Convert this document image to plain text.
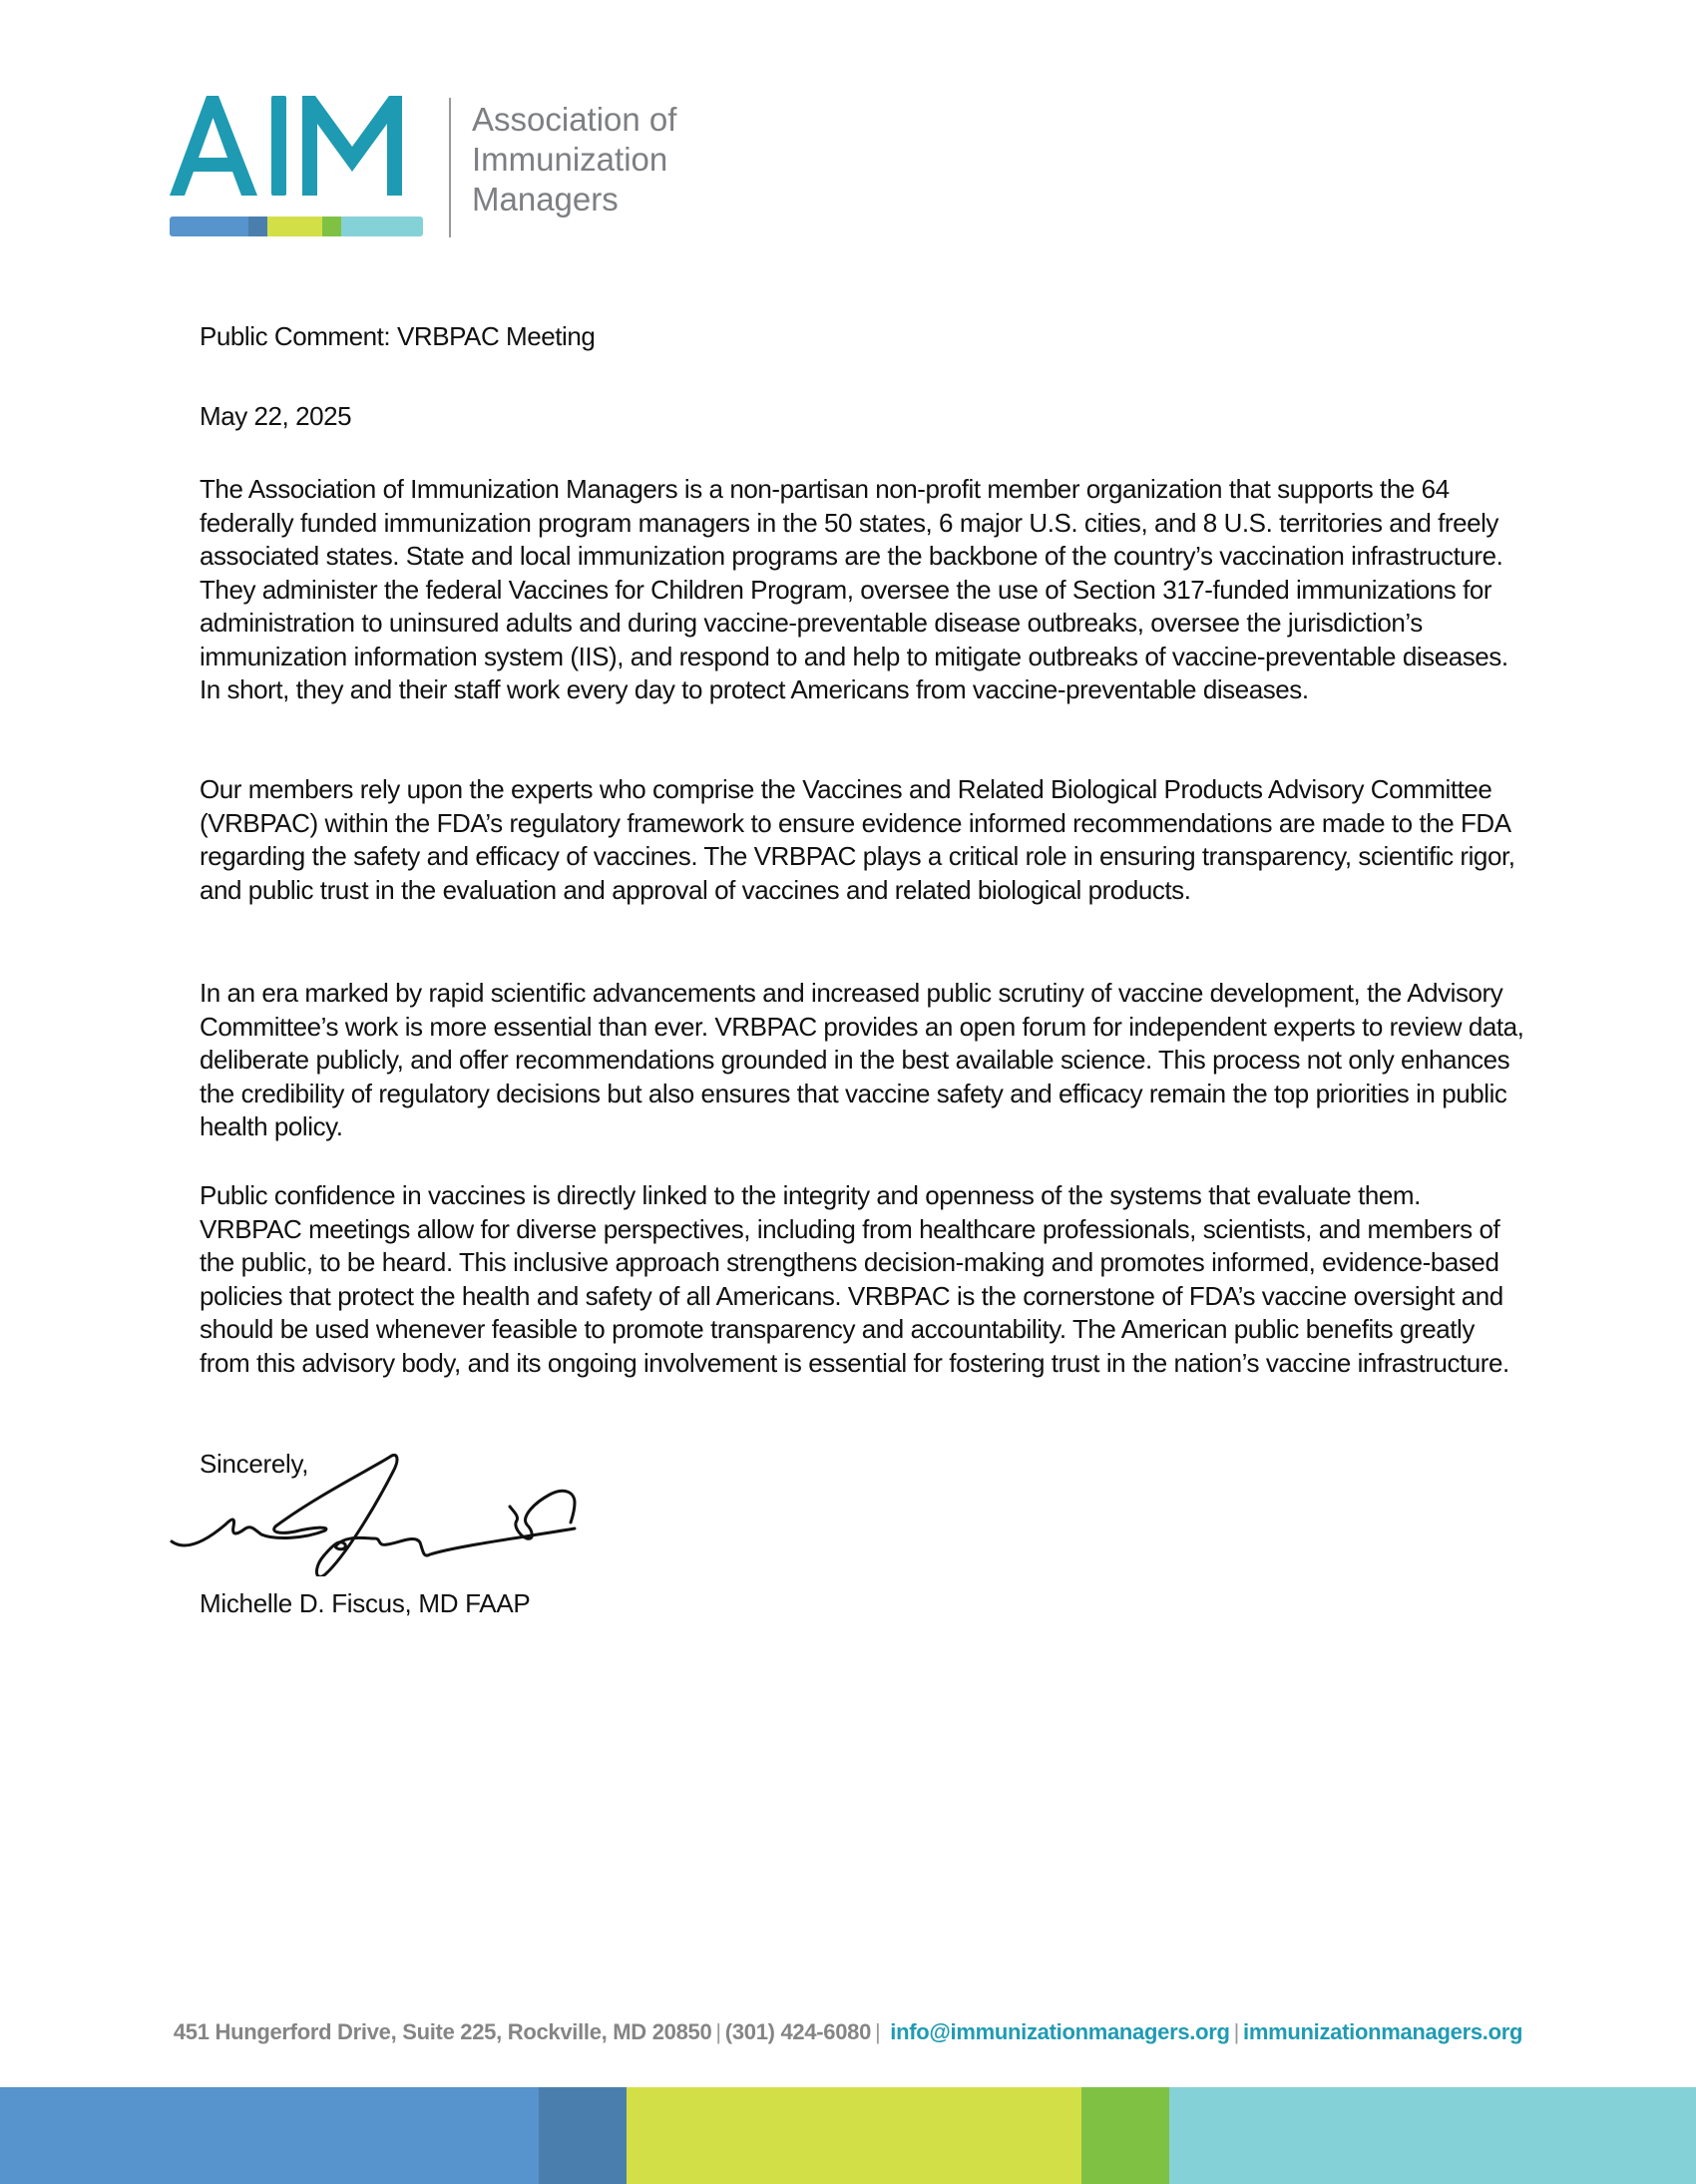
Association of
Immunization
Managers
Public Comment: VRBPAC Meeting
May 22, 2025

The Association of Immunization Managers is a non-partisan non-profit member organization that supports the 64 federally funded immunization program managers in the 50 states, 6 major U.S. cities, and 8 U.S. territories and freely associated states. State and local immunization programs are the backbone of the country’s vaccination infrastructure. They administer the federal Vaccines for Children Program, oversee the use of Section 317-funded immunizations for administration to uninsured adults and during vaccine-preventable disease outbreaks, oversee the jurisdiction’s immunization information system (IIS), and respond to and help to mitigate outbreaks of vaccine-preventable diseases. In short, they and their staff work every day to protect Americans from vaccine-preventable diseases.

Our members rely upon the experts who comprise the Vaccines and Related Biological Products Advisory Committee (VRBPAC) within the FDA’s regulatory framework to ensure evidence informed recommendations are made to the FDA regarding the safety and efficacy of vaccines. The VRBPAC plays a critical role in ensuring transparency, scientific rigor, and public trust in the evaluation and approval of vaccines and related biological products.

In an era marked by rapid scientific advancements and increased public scrutiny of vaccine development, the Advisory Committee’s work is more essential than ever. VRBPAC provides an open forum for independent experts to review data, deliberate publicly, and offer recommendations grounded in the best available science. This process not only enhances the credibility of regulatory decisions but also ensures that vaccine safety and efficacy remain the top priorities in public health policy.

Public confidence in vaccines is directly linked to the integrity and openness of the systems that evaluate them. VRBPAC meetings allow for diverse perspectives, including from healthcare professionals, scientists, and members of the public, to be heard. This inclusive approach strengthens decision-making and promotes informed, evidence-based policies that protect the health and safety of all Americans. VRBPAC is the cornerstone of FDA’s vaccine oversight and should be used whenever feasible to promote transparency and accountability. The American public benefits greatly from this advisory body, and its ongoing involvement is essential for fostering trust in the nation’s vaccine infrastructure.

Sincerely,
Michelle D. Fiscus, MD FAAP
451 Hungerford Drive, Suite 225, Rockville, MD 20850 | (301) 424-6080 | info@immunizationmanagers.org | immunizationmanagers.org
